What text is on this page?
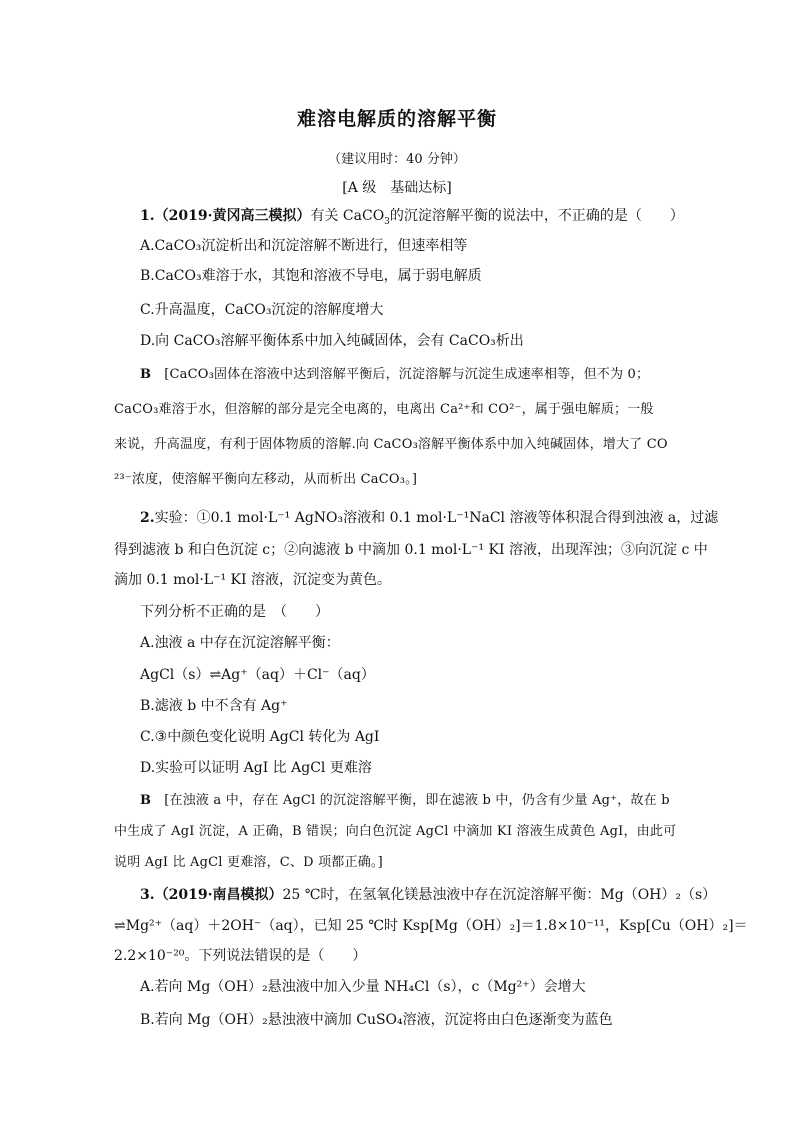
难溶电解质的溶解平衡
（建议用时：40 分钟）
[A 级　基础达标]
1.（2019·黄冈高三模拟）有关 CaCO$_3$的沉淀溶解平衡的说法中，不正确的是（　　）
A.CaCO₃沉淀析出和沉淀溶解不断进行，但速率相等
B.CaCO₃难溶于水，其饱和溶液不导电，属于弱电解质
C.升高温度，CaCO₃沉淀的溶解度增大
D.向 CaCO₃溶解平衡体系中加入纯碱固体，会有 CaCO₃析出
B [CaCO₃固体在溶液中达到溶解平衡后，沉淀溶解与沉淀生成速率相等，但不为 0；
CaCO₃难溶于水，但溶解的部分是完全电离的，电离出 Ca²⁺和 CO²⁻，属于强电解质；一般
来说，升高温度，有利于固体物质的溶解.向 CaCO₃溶解平衡体系中加入纯碱固体，增大了 CO
²³⁻浓度，使溶解平衡向左移动，从而析出 CaCO₃。]
2.实验：①0.1 mol·L⁻¹ AgNO₃溶液和 0.1 mol·L⁻¹NaCl 溶液等体积混合得到浊液 a，过滤
得到滤液 b 和白色沉淀 c；②向滤液 b 中滴加 0.1 mol·L⁻¹ KI 溶液，出现浑浊；③向沉淀 c 中
滴加 0.1 mol·L⁻¹ KI 溶液，沉淀变为黄色。
下列分析不正确的是　（　　）
A.浊液 a 中存在沉淀溶解平衡：
AgCl（s）⇌Ag⁺（aq）＋Cl⁻（aq）
B.滤液 b 中不含有 Ag⁺
C.③中颜色变化说明 AgCl 转化为 AgI
D.实验可以证明 AgI 比 AgCl 更难溶
B [在浊液 a 中，存在 AgCl 的沉淀溶解平衡，即在滤液 b 中，仍含有少量 Ag⁺，故在 b
中生成了 AgI 沉淀，A 正确，B 错误；向白色沉淀 AgCl 中滴加 KI 溶液生成黄色 AgI，由此可
说明 AgI 比 AgCl 更难溶，C、D 项都正确。]
3.（2019·南昌模拟）25 ℃时，在氢氧化镁悬浊液中存在沉淀溶解平衡：Mg（OH）₂（s）
⇌Mg²⁺（aq）＋2OH⁻（aq），已知 25 ℃时 Ksp[Mg（OH）₂]＝1.8×10⁻¹¹，Ksp[Cu（OH）₂]＝
2.2×10⁻²⁰。下列说法错误的是（　　）
A.若向 Mg（OH）₂悬浊液中加入少量 NH₄Cl（s），c（Mg²⁺）会增大
B.若向 Mg（OH）₂悬浊液中滴加 CuSO₄溶液，沉淀将由白色逐渐变为蓝色
